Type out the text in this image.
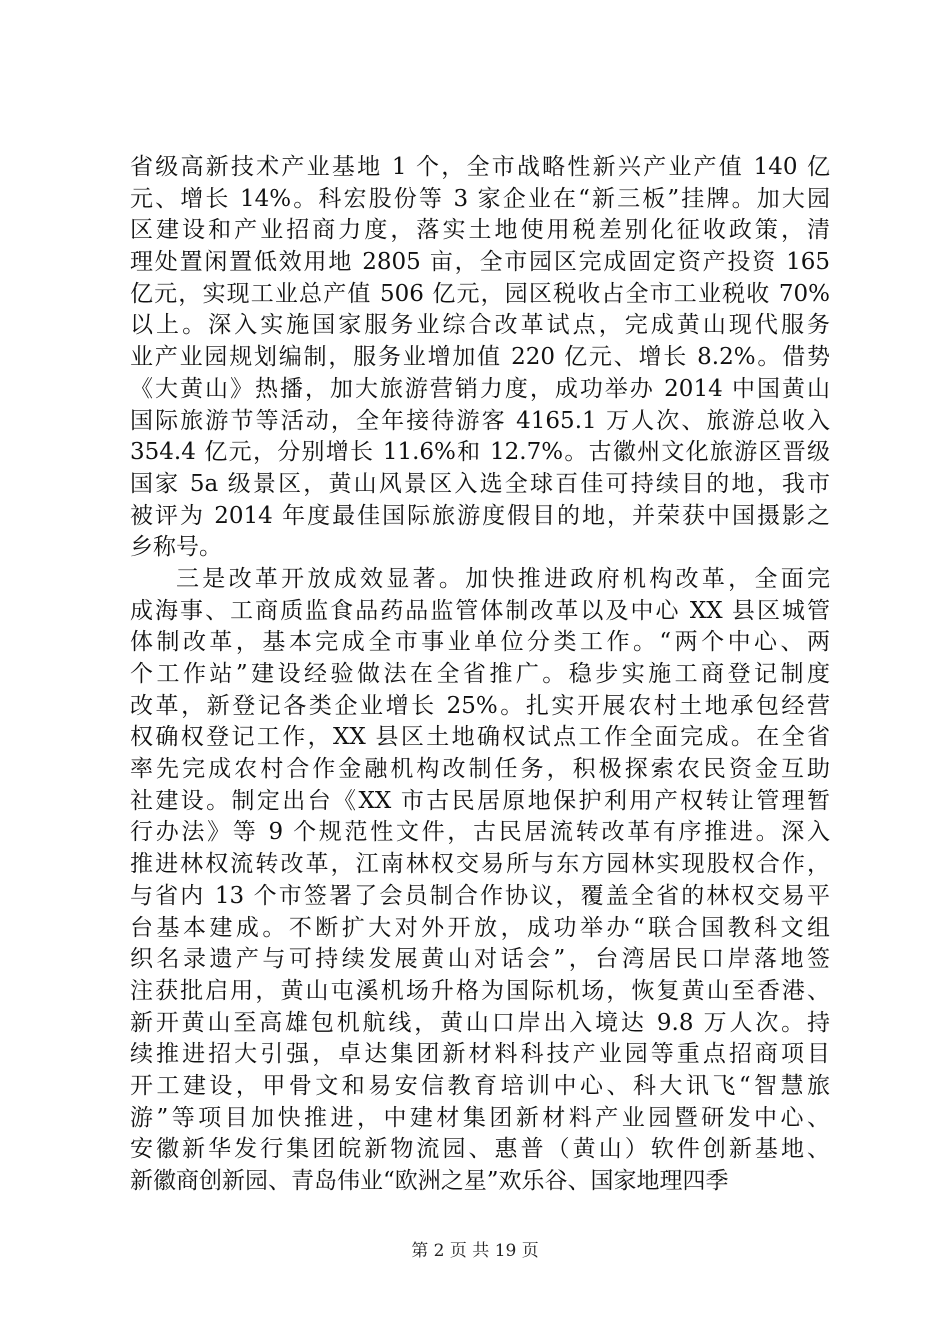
省级高新技术产业基地 1 个，全市战略性新兴产业产值 140 亿
元、增长 14%。科宏股份等 3 家企业在“新三板”挂牌。加大园
区建设和产业招商力度，落实土地使用税差别化征收政策，清
理处置闲置低效用地 2805 亩，全市园区完成固定资产投资 165
亿元，实现工业总产值 506 亿元，园区税收占全市工业税收 70%
以上。深入实施国家服务业综合改革试点，完成黄山现代服务
业产业园规划编制，服务业增加值 220 亿元、增长 8.2%。借势
《大黄山》热播，加大旅游营销力度，成功举办 2014 中国黄山
国际旅游节等活动，全年接待游客 4165.1 万人次、旅游总收入
354.4 亿元，分别增长 11.6%和 12.7%。古徽州文化旅游区晋级
国家 5a 级景区，黄山风景区入选全球百佳可持续目的地，我市
被评为 2014 年度最佳国际旅游度假目的地，并荣获中国摄影之
乡称号。
三是改革开放成效显著。加快推进政府机构改革，全面完
成海事、工商质监食品药品监管体制改革以及中心 XX 县区城管
体制改革，基本完成全市事业单位分类工作。“两个中心、两
个工作站”建设经验做法在全省推广。稳步实施工商登记制度
改革，新登记各类企业增长 25%。扎实开展农村土地承包经营
权确权登记工作，XX 县区土地确权试点工作全面完成。在全省
率先完成农村合作金融机构改制任务，积极探索农民资金互助
社建设。制定出台《XX 市古民居原地保护利用产权转让管理暂
行办法》等 9 个规范性文件，古民居流转改革有序推进。深入
推进林权流转改革，江南林权交易所与东方园林实现股权合作，
与省内 13 个市签署了会员制合作协议，覆盖全省的林权交易平
台基本建成。不断扩大对外开放，成功举办“联合国教科文组
织名录遗产与可持续发展黄山对话会”，台湾居民口岸落地签
注获批启用，黄山屯溪机场升格为国际机场，恢复黄山至香港、
新开黄山至高雄包机航线，黄山口岸出入境达 9.8 万人次。持
续推进招大引强，卓达集团新材料科技产业园等重点招商项目
开工建设，甲骨文和易安信教育培训中心、科大讯飞“智慧旅
游”等项目加快推进，中建材集团新材料产业园暨研发中心、
安徽新华发行集团皖新物流园、惠普（黄山）软件创新基地、
新徽商创新园、青岛伟业“欧洲之星”欢乐谷、国家地理四季
第 2 页 共 19 页
